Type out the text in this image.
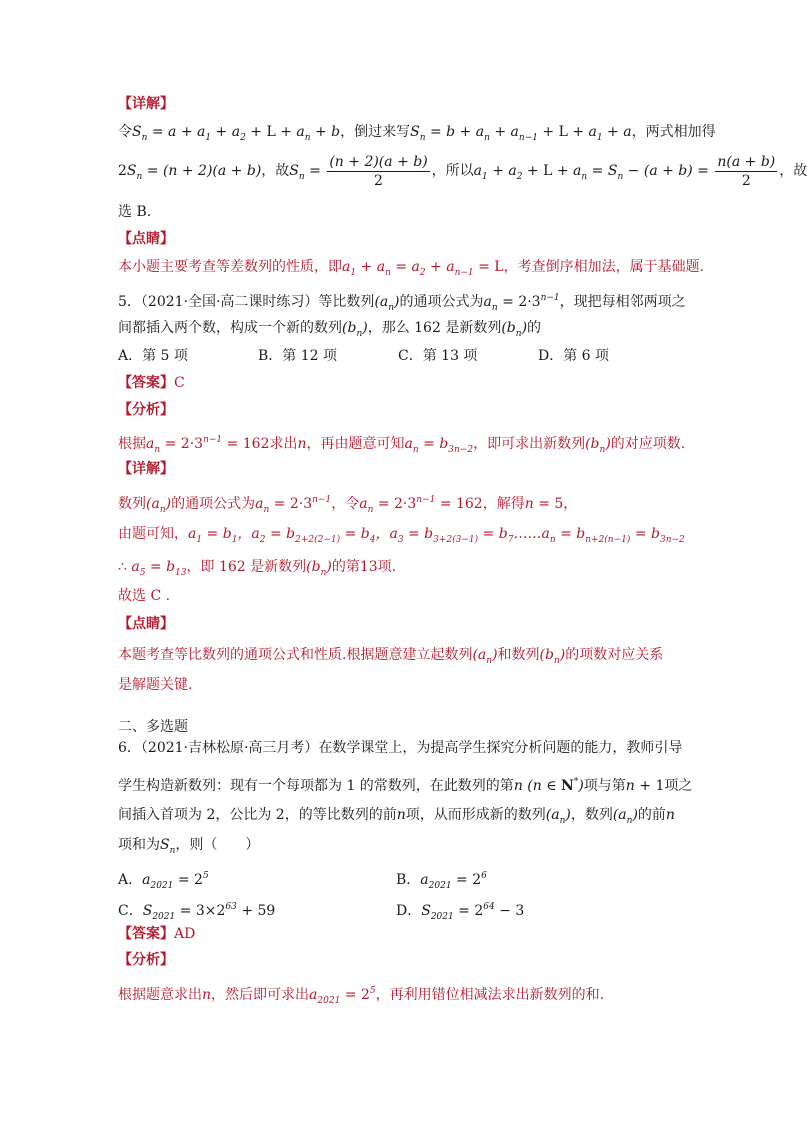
【详解】
令$S_n = a + a_1 + a_2 + L + a_n + b$，倒过来写$S_n = b + a_n + a_{n-1} + L + a_1 + a$，两式相加得
$2S_n = (n + 2)(a + b)$，故$S_n = \frac{(n + 2)(a + b)}{2}$ ，所以$a_1 + a_2 + L + a_n = S_n - (a + b) = \frac{n(a + b)}{2}$ ，故
选 B.
【点睛】
本小题主要考查等差数列的性质，即$a_1 + a_n = a_2 + a_{n-1} = L$，考查倒序相加法，属于基础题.
5．（2021·全国·高二课时练习）等比数列$(a_n)$的通项公式为$a_n = 2\cdot 3^{n-1}$，现把每相邻两项之
间都插入两个数，构成一个新的数列$(b_n)$，那么 162 是新数列$(b_n)$的
A．第 5 项	B．第 12 项	C．第 13 项	D．第 6 项
【答案】C
【分析】
根据$a_n = 2\cdot 3^{n-1} = 162$求出n，再由题意可知$a_n = b_{3n-2}$，即可求出新数列$(b_n)$的对应项数.
【详解】
数列$(a_n)$的通项公式为$a_n = 2\cdot 3^{n-1}$，令$a_n = 2\cdot 3^{n-1} = 162$，解得n = 5，
由题可知，$a_1 = b_1$，$a_2 = b_{2+2(2-1)} = b_4$，$a_3 = b_{3+2(3-1)}$ = $b_7\dots\dots a_n = b_{n+2(n-1)} = b_{3n-2}$
∴ $a_5 = b_{13}$，即 162 是新数列$(b_n)$的第13项.
故选 C .
【点睛】
本题考查等比数列的通项公式和性质.根据题意建立起数列$(a_n)$和数列$(b_n)$的项数对应关系
是解题关键.
二、多选题
6．（2021·吉林松原·高三月考）在数学课堂上，为提高学生探究分析问题的能力，教师引导
学生构造新数列：现有一个每项都为 1 的常数列，在此数列的第n (n ∈ N*)项与第n + 1项之
间插入首项为 2，公比为 2，的等比数列的前n项，从而形成新的数列$(a_n)$，数列$(a_n)$的前n
项和为$S_n$，则（　　）
A．$a_{2021} = 2^5$	B．$a_{2021} = 2^6$
C．$S_{2021} = 3\times 2^{63} + 59$	D．$S_{2021} = 2^{64} - 3$
【答案】AD
【分析】
根据题意求出n，然后即可求出$a_{2021} = 2^5$，再利用错位相减法求出新数列的和.
